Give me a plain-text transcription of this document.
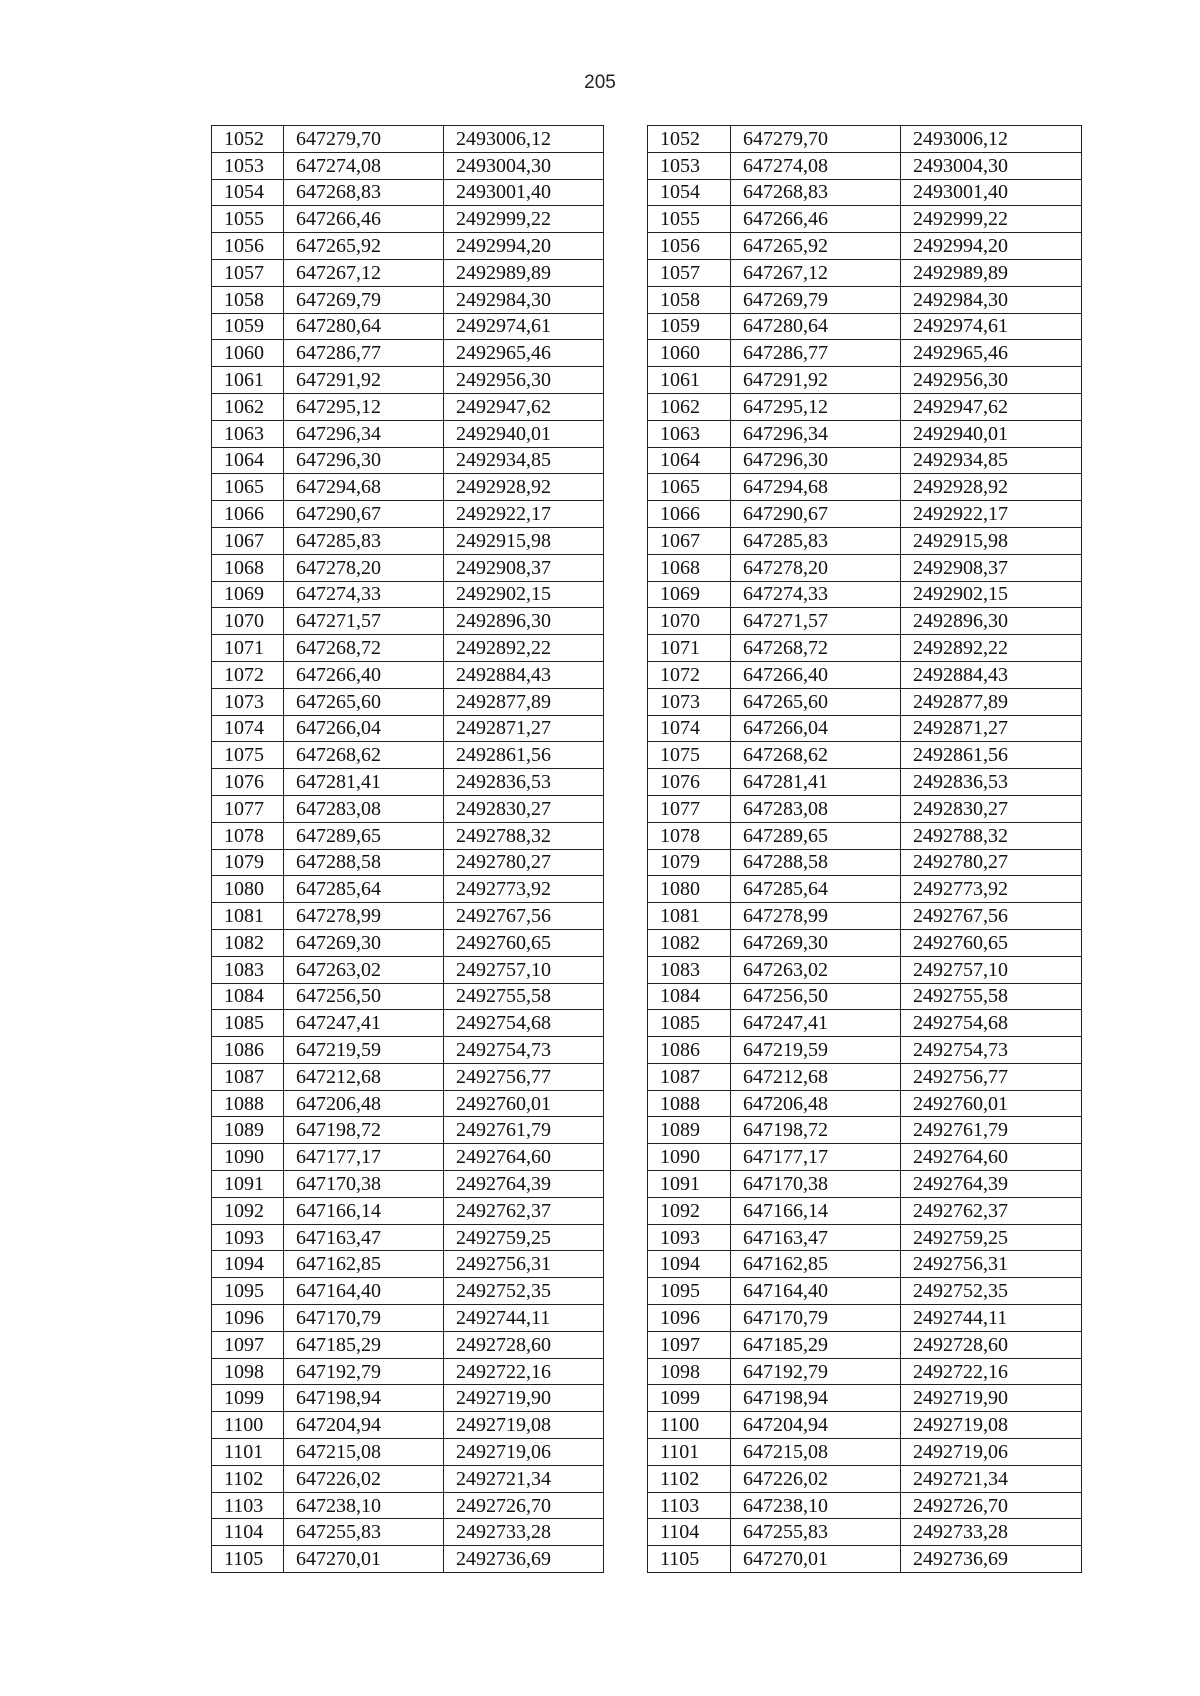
205
1052	647279,70	2493006,12		1052	647279,70	2493006,12
1053	647274,08	2493004,30		1053	647274,08	2493004,30
1054	647268,83	2493001,40		1054	647268,83	2493001,40
1055	647266,46	2492999,22		1055	647266,46	2492999,22
1056	647265,92	2492994,20		1056	647265,92	2492994,20
1057	647267,12	2492989,89		1057	647267,12	2492989,89
1058	647269,79	2492984,30		1058	647269,79	2492984,30
1059	647280,64	2492974,61		1059	647280,64	2492974,61
1060	647286,77	2492965,46		1060	647286,77	2492965,46
1061	647291,92	2492956,30		1061	647291,92	2492956,30
1062	647295,12	2492947,62		1062	647295,12	2492947,62
1063	647296,34	2492940,01		1063	647296,34	2492940,01
1064	647296,30	2492934,85		1064	647296,30	2492934,85
1065	647294,68	2492928,92		1065	647294,68	2492928,92
1066	647290,67	2492922,17		1066	647290,67	2492922,17
1067	647285,83	2492915,98		1067	647285,83	2492915,98
1068	647278,20	2492908,37		1068	647278,20	2492908,37
1069	647274,33	2492902,15		1069	647274,33	2492902,15
1070	647271,57	2492896,30		1070	647271,57	2492896,30
1071	647268,72	2492892,22		1071	647268,72	2492892,22
1072	647266,40	2492884,43		1072	647266,40	2492884,43
1073	647265,60	2492877,89		1073	647265,60	2492877,89
1074	647266,04	2492871,27		1074	647266,04	2492871,27
1075	647268,62	2492861,56		1075	647268,62	2492861,56
1076	647281,41	2492836,53		1076	647281,41	2492836,53
1077	647283,08	2492830,27		1077	647283,08	2492830,27
1078	647289,65	2492788,32		1078	647289,65	2492788,32
1079	647288,58	2492780,27		1079	647288,58	2492780,27
1080	647285,64	2492773,92		1080	647285,64	2492773,92
1081	647278,99	2492767,56		1081	647278,99	2492767,56
1082	647269,30	2492760,65		1082	647269,30	2492760,65
1083	647263,02	2492757,10		1083	647263,02	2492757,10
1084	647256,50	2492755,58		1084	647256,50	2492755,58
1085	647247,41	2492754,68		1085	647247,41	2492754,68
1086	647219,59	2492754,73		1086	647219,59	2492754,73
1087	647212,68	2492756,77		1087	647212,68	2492756,77
1088	647206,48	2492760,01		1088	647206,48	2492760,01
1089	647198,72	2492761,79		1089	647198,72	2492761,79
1090	647177,17	2492764,60		1090	647177,17	2492764,60
1091	647170,38	2492764,39		1091	647170,38	2492764,39
1092	647166,14	2492762,37		1092	647166,14	2492762,37
1093	647163,47	2492759,25		1093	647163,47	2492759,25
1094	647162,85	2492756,31		1094	647162,85	2492756,31
1095	647164,40	2492752,35		1095	647164,40	2492752,35
1096	647170,79	2492744,11		1096	647170,79	2492744,11
1097	647185,29	2492728,60		1097	647185,29	2492728,60
1098	647192,79	2492722,16		1098	647192,79	2492722,16
1099	647198,94	2492719,90		1099	647198,94	2492719,90
1100	647204,94	2492719,08		1100	647204,94	2492719,08
1101	647215,08	2492719,06		1101	647215,08	2492719,06
1102	647226,02	2492721,34		1102	647226,02	2492721,34
1103	647238,10	2492726,70		1103	647238,10	2492726,70
1104	647255,83	2492733,28		1104	647255,83	2492733,28
1105	647270,01	2492736,69		1105	647270,01	2492736,69
